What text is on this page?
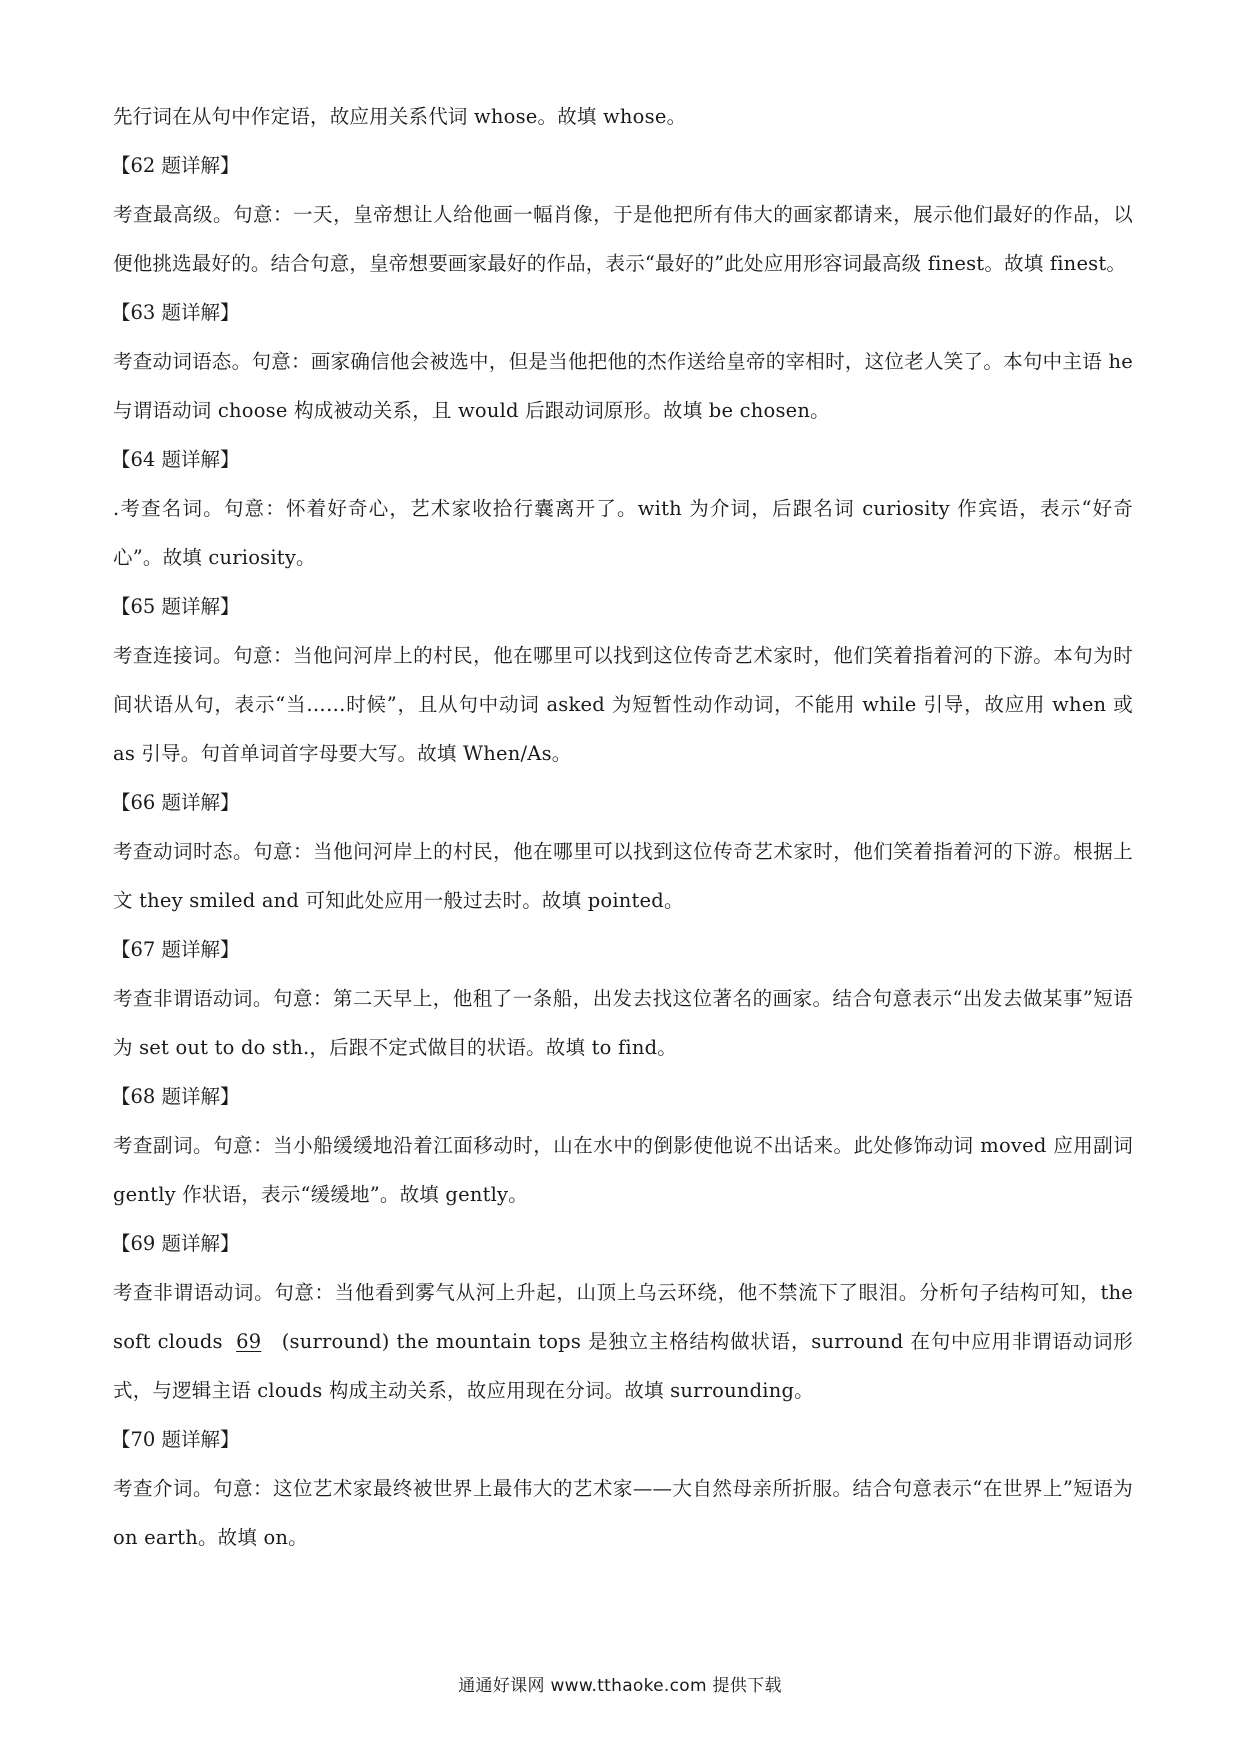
先行词在从句中作定语，故应用关系代词 whose。故填 whose。

【62 题详解】

考查最高级。句意：一天，皇帝想让人给他画一幅肖像，于是他把所有伟大的画家都请来，展示他们最好的作品，以便他挑选最好的。结合句意，皇帝想要画家最好的作品，表示“最好的”此处应用形容词最高级 finest。故填 finest。

【63 题详解】

考查动词语态。句意：画家确信他会被选中，但是当他把他的杰作送给皇帝的宰相时，这位老人笑了。本句中主语 he 与谓语动词 choose 构成被动关系，且 would 后跟动词原形。故填 be chosen。

【64 题详解】

.考查名词。句意：怀着好奇心，艺术家收拾行囊离开了。with 为介词，后跟名词 curiosity 作宾语，表示“好奇心”。故填 curiosity。

【65 题详解】

考查连接词。句意：当他问河岸上的村民，他在哪里可以找到这位传奇艺术家时，他们笑着指着河的下游。本句为时间状语从句，表示“当……时候”，且从句中动词 asked 为短暂性动作动词，不能用 while 引导，故应用 when 或 as 引导。句首单词首字母要大写。故填 When/As。

【66 题详解】

考查动词时态。句意：当他问河岸上的村民，他在哪里可以找到这位传奇艺术家时，他们笑着指着河的下游。根据上文 they smiled and 可知此处应用一般过去时。故填 pointed。

【67 题详解】

考查非谓语动词。句意：第二天早上，他租了一条船，出发去找这位著名的画家。结合句意表示“出发去做某事”短语为 set out to do sth.，后跟不定式做目的状语。故填 to find。

【68 题详解】

考查副词。句意：当小船缓缓地沿着江面移动时，山在水中的倒影使他说不出话来。此处修饰动词 moved 应用副词 gently 作状语，表示“缓缓地”。故填 gently。

【69 题详解】

考查非谓语动词。句意：当他看到雾气从河上升起，山顶上乌云环绕，他不禁流下了眼泪。分析句子结构可知，the soft clouds 69 (surround) the mountain tops 是独立主格结构做状语，surround 在句中应用非谓语动词形式，与逻辑主语 clouds 构成主动关系，故应用现在分词。故填 surrounding。

【70 题详解】

考查介词。句意：这位艺术家最终被世界上最伟大的艺术家——大自然母亲所折服。结合句意表示“在世界上”短语为 on earth。故填 on。

通通好课网 www.tthaoke.com 提供下载
